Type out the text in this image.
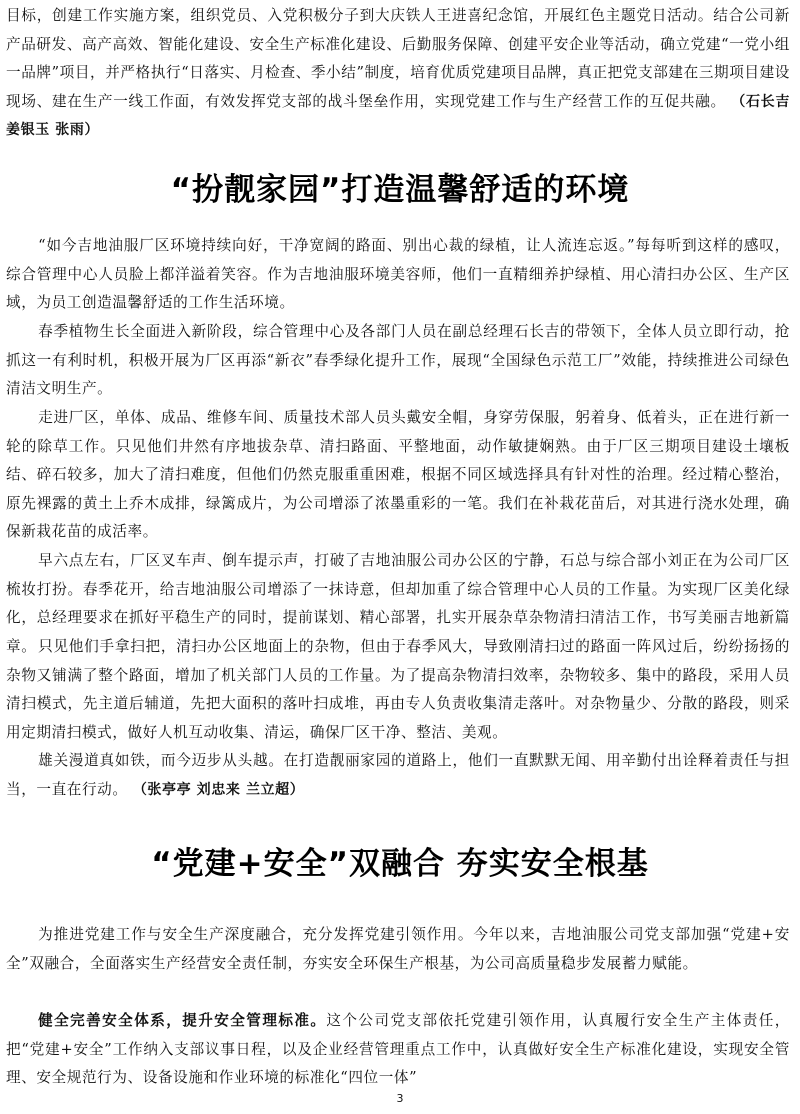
目标，创建工作实施方案，组织党员、入党积极分子到大庆铁人王进喜纪念馆，开展红色主题党日活动。结合公司新产品研发、高产高效、智能化建设、安全生产标准化建设、后勤服务保障、创建平安企业等活动，确立党建“一党小组一品牌”项目，并严格执行“日落实、月检查、季小结”制度，培育优质党建项目品牌，真正把党支部建在三期项目建设现场、建在生产一线工作面，有效发挥党支部的战斗堡垒作用，实现党建工作与生产经营工作的互促共融。 （石长吉 姜银玉 张雨）

“扮靓家园”打造温馨舒适的环境

“如今吉地油服厂区环境持续向好，干净宽阔的路面、别出心裁的绿植，让人流连忘返。”每每听到这样的感叹，综合管理中心人员脸上都洋溢着笑容。作为吉地油服环境美容师，他们一直精细养护绿植、用心清扫办公区、生产区域，为员工创造温馨舒适的工作生活环境。

春季植物生长全面进入新阶段，综合管理中心及各部门人员在副总经理石长吉的带领下，全体人员立即行动，抢抓这一有利时机，积极开展为厂区再添“新衣”春季绿化提升工作，展现“全国绿色示范工厂”效能，持续推进公司绿色清洁文明生产。

走进厂区，单体、成品、维修车间、质量技术部人员头戴安全帽，身穿劳保服，躬着身、低着头，正在进行新一轮的除草工作。只见他们井然有序地拔杂草、清扫路面、平整地面，动作敏捷娴熟。由于厂区三期项目建设土壤板结、碎石较多，加大了清扫难度，但他们仍然克服重重困难，根据不同区域选择具有针对性的治理。经过精心整治，原先裸露的黄土上乔木成排，绿篱成片，为公司增添了浓墨重彩的一笔。我们在补栽花苗后，对其进行浇水处理，确保新栽花苗的成活率。

早六点左右，厂区叉车声、倒车提示声，打破了吉地油服公司办公区的宁静，石总与综合部小刘正在为公司厂区梳妆打扮。春季花开，给吉地油服公司增添了一抹诗意，但却加重了综合管理中心人员的工作量。为实现厂区美化绿化，总经理要求在抓好平稳生产的同时，提前谋划、精心部署，扎实开展杂草杂物清扫清洁工作，书写美丽吉地新篇章。 只见他们手拿扫把，清扫办公区地面上的杂物，但由于春季风大，导致刚清扫过的路面一阵风过后，纷纷扬扬的杂物又铺满了整个路面，增加了机关部门人员的工作量。为了提高杂物清扫效率，杂物较多、集中的路段，采用人员清扫模式，先主道后辅道，先把大面积的落叶扫成堆，再由专人负责收集清走落叶。对杂物量少、分散的路段，则采用定期清扫模式，做好人机互动收集、清运，确保厂区干净、整洁、美观。

雄关漫道真如铁，而今迈步从头越。在打造靓丽家园的道路上，他们一直默默无闻、用辛勤付出诠释着责任与担当，一直在行动。 （张亭亭 刘忠来 兰立超）

“党建+安全”双融合 夯实安全根基

为推进党建工作与安全生产深度融合，充分发挥党建引领作用。今年以来，吉地油服公司党支部加强“党建+安全”双融合，全面落实生产经营安全责任制，夯实安全环保生产根基，为公司高质量稳步发展蓄力赋能。

健全完善安全体系，提升安全管理标准。这个公司党支部依托党建引领作用，认真履行安全生产主体责任，把“党建+安全”工作纳入支部议事日程，以及企业经营管理重点工作中，认真做好安全生产标准化建设，实现安全管理、安全规范行为、设备设施和作业环境的标准化“四位一体”

3
